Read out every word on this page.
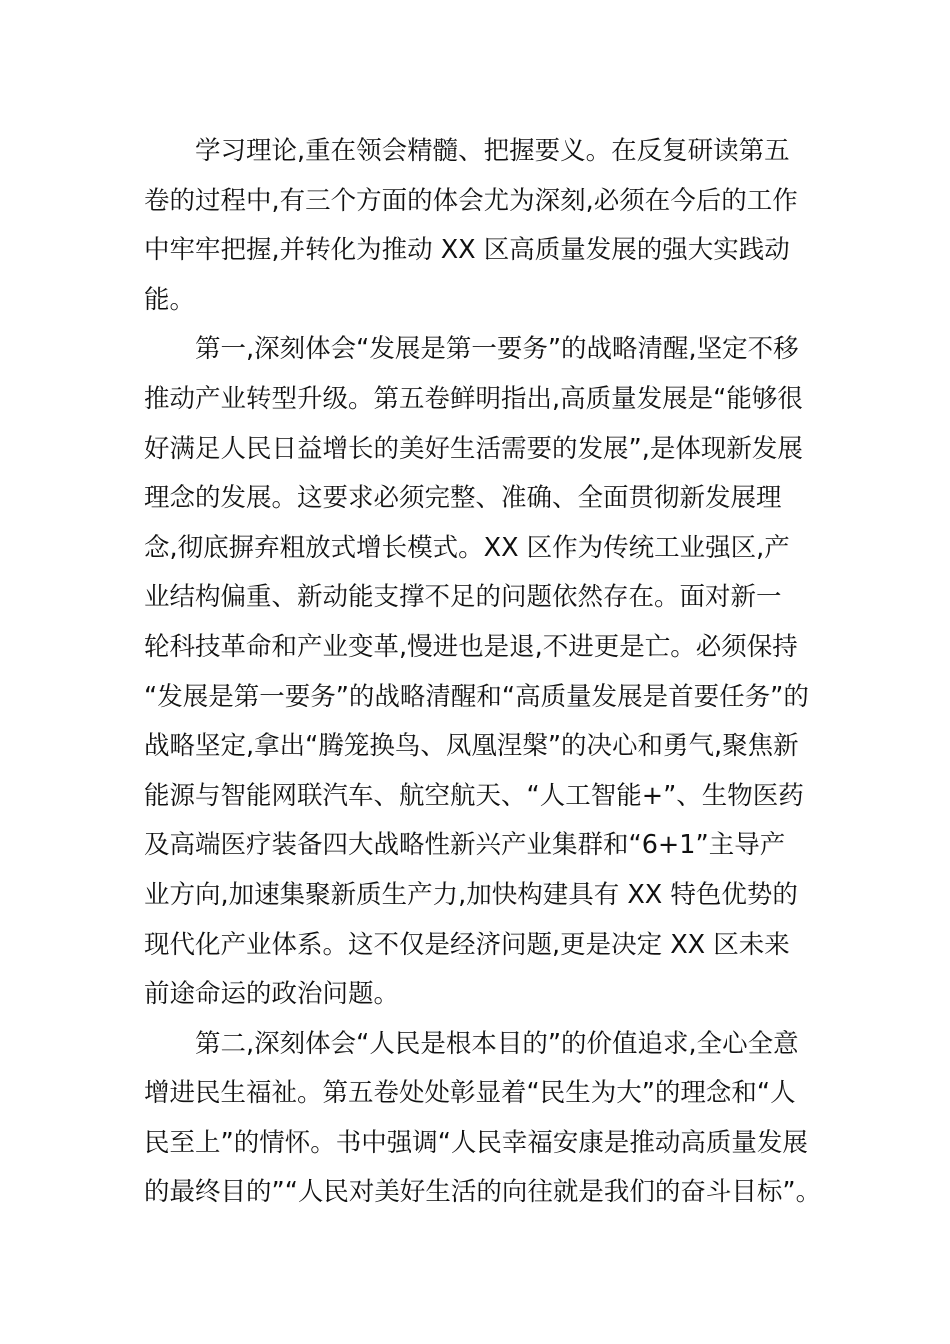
学习理论,重在领会精髓、把握要义。在反复研读第五
卷的过程中,有三个方面的体会尤为深刻,必须在今后的工作
中牢牢把握,并转化为推动 XX 区高质量发展的强大实践动
能。
第一,深刻体会“发展是第一要务”的战略清醒,坚定不移
推动产业转型升级。第五卷鲜明指出,高质量发展是“能够很
好满足人民日益增长的美好生活需要的发展”,是体现新发展
理念的发展。这要求必须完整、准确、全面贯彻新发展理
念,彻底摒弃粗放式增长模式。XX 区作为传统工业强区,产
业结构偏重、新动能支撑不足的问题依然存在。面对新一
轮科技革命和产业变革,慢进也是退,不进更是亡。必须保持
“发展是第一要务”的战略清醒和“高质量发展是首要任务”的
战略坚定,拿出“腾笼换鸟、凤凰涅槃”的决心和勇气,聚焦新
能源与智能网联汽车、航空航天、“人工智能+”、生物医药
及高端医疗装备四大战略性新兴产业集群和“6+1”主导产
业方向,加速集聚新质生产力,加快构建具有 XX 特色优势的
现代化产业体系。这不仅是经济问题,更是决定 XX 区未来
前途命运的政治问题。
第二,深刻体会“人民是根本目的”的价值追求,全心全意
增进民生福祉。第五卷处处彰显着“民生为大”的理念和“人
民至上”的情怀。书中强调“人民幸福安康是推动高质量发展
的最终目的”“人民对美好生活的向往就是我们的奋斗目标”。
